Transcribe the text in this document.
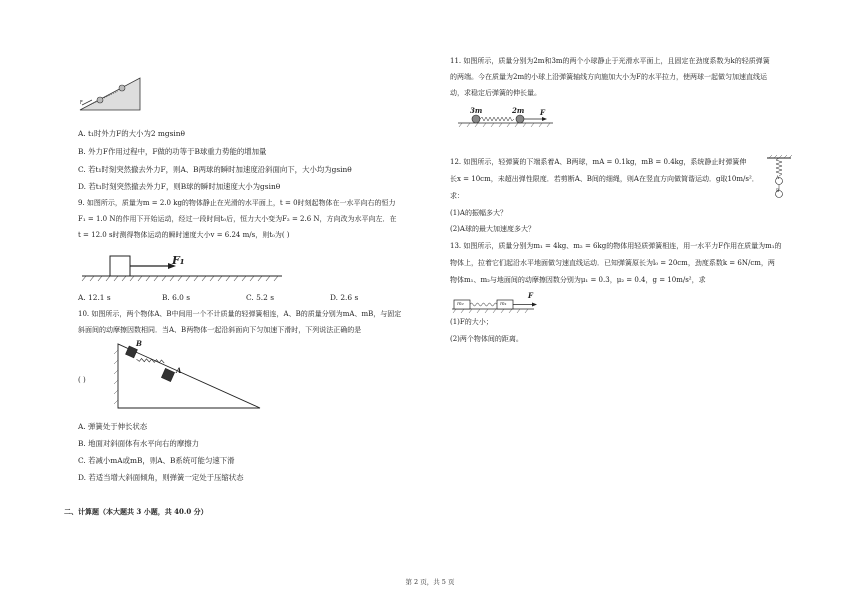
F
A. t₁时外力F的大小为2 mgsinθ
B. 外力F作用过程中，F做的功等于B球重力势能的增加量
C. 若t₁时刻突然撤去外力F，则A、B两球的瞬时加速度沿斜面向下，大小均为gsinθ
D. 若t₁时刻突然撤去外力F，则B球的瞬时加速度大小为gsinθ
9. 如图所示，质量为m = 2.0 kg的物体静止在光滑的水平面上，t = 0时刻起物体在一水平向右的恒力
F₁ = 1.0 N的作用下开始运动，经过一段时间t₀后，恒力大小变为F₂ = 2.6 N，方向改为水平向左．在
t = 12.0 s时测得物体运动的瞬时速度大小v = 6.24 m/s，则t₀为( )
F₁
A. 12.1 s	B. 6.0 s	C. 5.2 s	D. 2.6 s
10. 如图所示，两个物体A、B中间用一个不计质量的轻弹簧相连，A、B的质量分别为mA、mB，与固定
斜面间的动摩擦因数相同．当A、B两物体一起沿斜面向下匀加速下滑时，下列说法正确的是
B
A
( )
A. 弹簧处于伸长状态
B. 地面对斜面体有水平向右的摩擦力
C. 若减小mA或mB，则A、B系统可能匀速下滑
D. 若适当增大斜面倾角，则弹簧一定处于压缩状态
二、计算题（本大题共 3 小题，共 40.0 分）
11. 如图所示，质量分别为2m和3m的两个小球静止于光滑水平面上，且固定在劲度系数为k的轻质弹簧
的两端。今在质量为2m的小球上沿弹簧轴线方向施加大小为F的水平拉力，使两球一起做匀加速直线运
动，求稳定后弹簧的伸长量。
3m	2m F
12. 如图所示，轻弹簧的下端系着A、B两球，mA = 0.1kg，mB = 0.4kg，系统静止时弹簧伸
长x = 10cm，未超出弹性限度．若剪断A、B间的细绳，则A在竖直方向做简谐运动．g取10m/s²．
求：
(1)A的振幅多大？
(2)A球的最大加速度多大？
A
B
13. 如图所示，质量分别为m₁ = 4kg、m₂ = 6kg的物体用轻质弹簧相连，用一水平力F作用在质量为m₁的
物体上，拉着它们起沿水平地面做匀速直线运动．已知弹簧原长为l₀ = 20cm，劲度系数k = 6N/cm，两
物体m₁、m₂与地面间的动摩擦因数分别为μ₁ = 0.3，μ₂ = 0.4，g = 10m/s²，求
m₂	m₁
F
(1)F的大小；
(2)两个物体间的距离。
第 2 页，共 5 页
